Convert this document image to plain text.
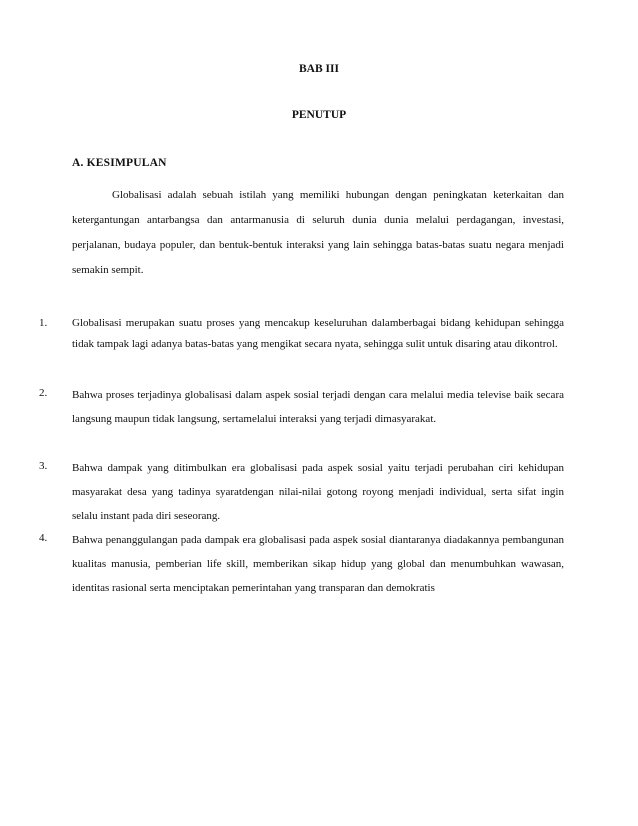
BAB III
PENUTUP
A. KESIMPULAN
Globalisasi adalah sebuah istilah yang memiliki hubungan dengan peningkatan keterkaitan dan ketergantungan antarbangsa dan antarmanusia di seluruh dunia dunia melalui perdagangan, investasi, perjalanan, budaya populer, dan bentuk-bentuk interaksi yang lain sehingga batas-batas suatu negara menjadi semakin sempit.
1.	Globalisasi merupakan suatu proses yang mencakup keseluruhan dalamberbagai bidang kehidupan sehingga tidak tampak lagi adanya batas-batas yang mengikat secara nyata, sehingga sulit untuk disaring atau dikontrol.
2.	Bahwa proses terjadinya globalisasi dalam aspek sosial terjadi dengan cara melalui media televise baik secara langsung maupun tidak langsung, sertamelalui interaksi yang terjadi dimasyarakat.
3.	Bahwa dampak yang ditimbulkan era globalisasi pada aspek sosial yaitu terjadi perubahan ciri kehidupan masyarakat desa yang tadinya syaratdengan nilai-nilai gotong royong menjadi individual, serta sifat ingin selalu instant pada diri seseorang.
4.	Bahwa penanggulangan pada dampak era globalisasi pada aspek sosial diantaranya diadakannya pembangunan kualitas manusia, pemberian life skill, memberikan sikap hidup yang global dan menumbuhkan wawasan, identitas rasional serta menciptakan pemerintahan yang transparan dan demokratis
